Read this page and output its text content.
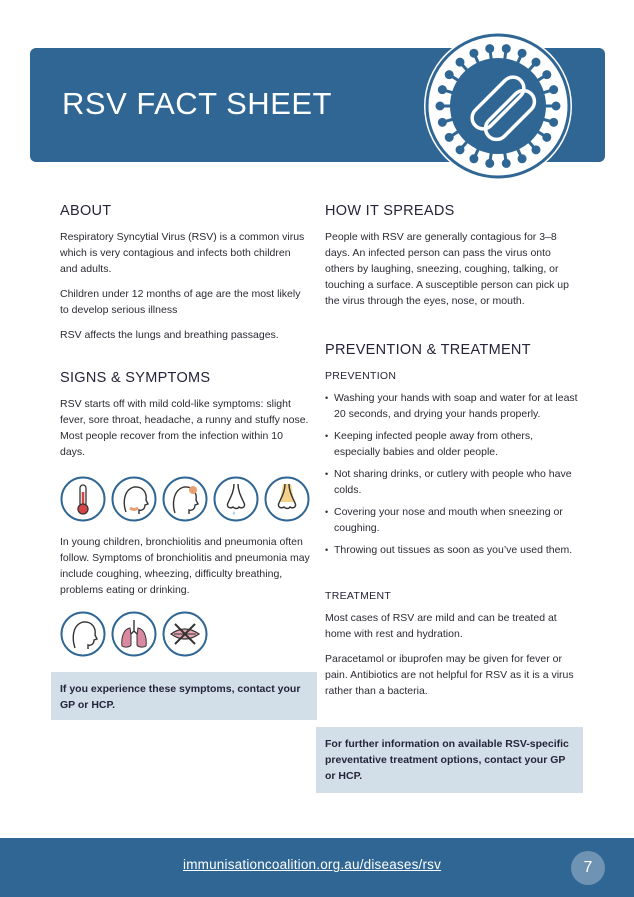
RSV FACT SHEET
ABOUT

Respiratory Syncytial Virus (RSV) is a common virus which is very contagious and infects both children and adults.

Children under 12 months of age are the most likely to develop serious illness

RSV affects the lungs and breathing passages.

SIGNS & SYMPTOMS

RSV starts off with mild cold-like symptoms: slight fever, sore throat, headache, a runny and stuffy nose. Most people recover from the infection within 10 days.

In young children, bronchiolitis and pneumonia often follow. Symptoms of bronchiolitis and pneumonia may include coughing, wheezing, difficulty breathing, problems eating or drinking.

If you experience these symptoms, contact your GP or HCP.
HOW IT SPREADS

People with RSV are generally contagious for 3–8 days. An infected person can pass the virus onto others by laughing, sneezing, coughing, talking, or touching a surface. A susceptible person can pick up the virus through the eyes, nose, or mouth.

PREVENTION & TREATMENT
PREVENTION
• Washing your hands with soap and water for at least 20 seconds, and drying your hands properly.
• Keeping infected people away from others, especially babies and older people.
• Not sharing drinks, or cutlery with people who have colds.
• Covering your nose and mouth when sneezing or coughing.
• Throwing out tissues as soon as you’ve used them.
TREATMENT

Most cases of RSV are mild and can be treated at home with rest and hydration.

Paracetamol or ibuprofen may be given for fever or pain. Antibiotics are not helpful for RSV as it is a virus rather than a bacteria.

For further information on available RSV-specific preventative treatment options, contact your GP or HCP.
immunisationcoalition.org.au/diseases/rsv	7
